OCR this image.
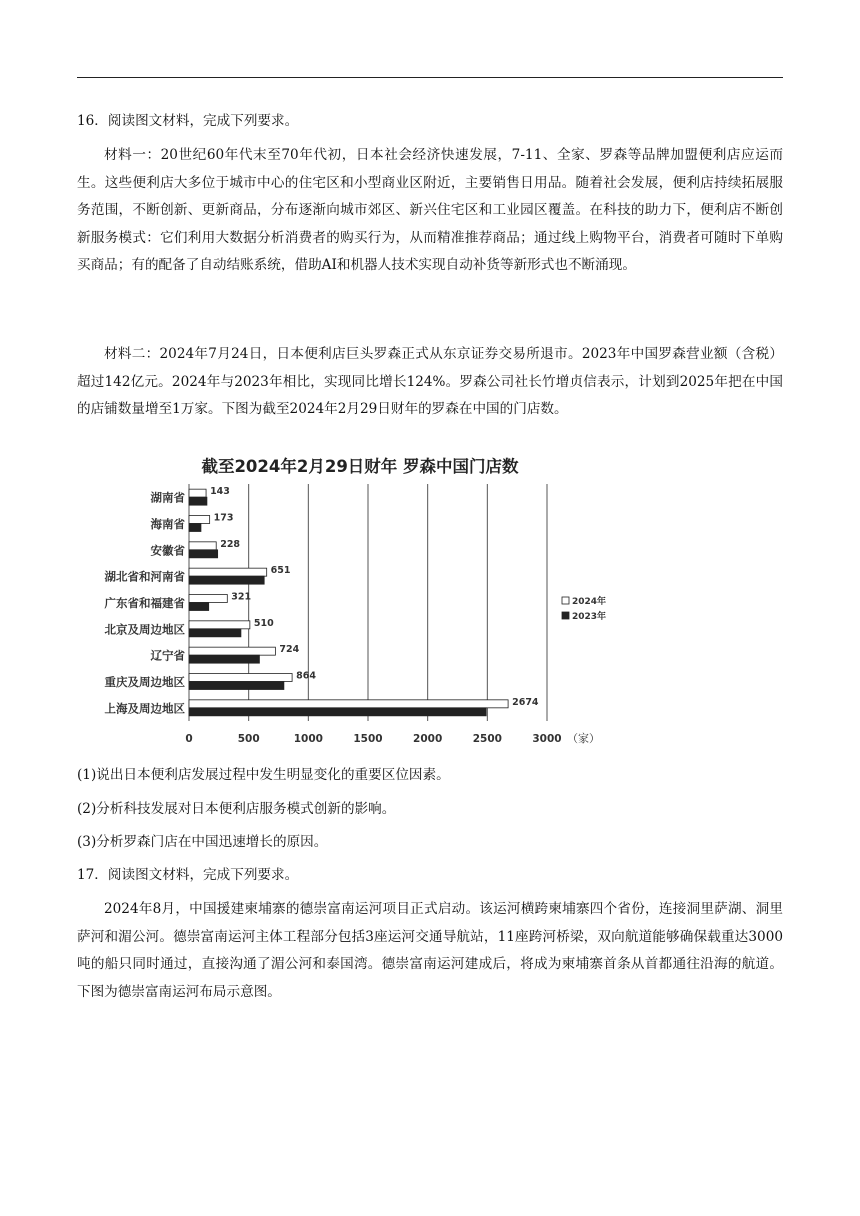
16．阅读图文材料，完成下列要求。

材料一：20世纪60年代末至70年代初，日本社会经济快速发展，7-11、全家、罗森等品牌加盟便利店应运而生。这些便利店大多位于城市中心的住宅区和小型商业区附近，主要销售日用品。随着社会发展，便利店持续拓展服务范围，不断创新、更新商品，分布逐渐向城市郊区、新兴住宅区和工业园区覆盖。在科技的助力下，便利店不断创新服务模式：它们利用大数据分析消费者的购买行为，从而精准推荐商品；通过线上购物平台，消费者可随时下单购买商品；有的配备了自动结账系统，借助AI和机器人技术实现自动补货等新形式也不断涌现。

材料二：2024年7月24日，日本便利店巨头罗森正式从东京证券交易所退市。2023年中国罗森营业额（含税）超过142亿元。2024年与2023年相比，实现同比增长124%。罗森公司社长竹增贞信表示，计划到2025年把在中国的店铺数量增至1万家。下图为截至2024年2月29日财年的罗森在中国的门店数。

截至2024年2月29日财年 罗森中国门店数
0	500	1000	1500	2000	2500	3000 （家）
湖南省	143
海南省	173
安徽省	228
湖北省和河南省	651
广东省和福建省	321
北京及周边地区	510
辽宁省	724
重庆及周边地区	864
上海及周边地区	2674
2024年
2023年

(1)说出日本便利店发展过程中发生明显变化的重要区位因素。

(2)分析科技发展对日本便利店服务模式创新的影响。

(3)分析罗森门店在中国迅速增长的原因。

17．阅读图文材料，完成下列要求。

2024年8月，中国援建柬埔寨的德崇富南运河项目正式启动。该运河横跨柬埔寨四个省份，连接洞里萨湖、洞里萨河和湄公河。德崇富南运河主体工程部分包括3座运河交通导航站，11座跨河桥梁，双向航道能够确保载重达3000吨的船只同时通过，直接沟通了湄公河和泰国湾。德崇富南运河建成后，将成为柬埔寨首条从首都通往沿海的航道。下图为德崇富南运河布局示意图。
